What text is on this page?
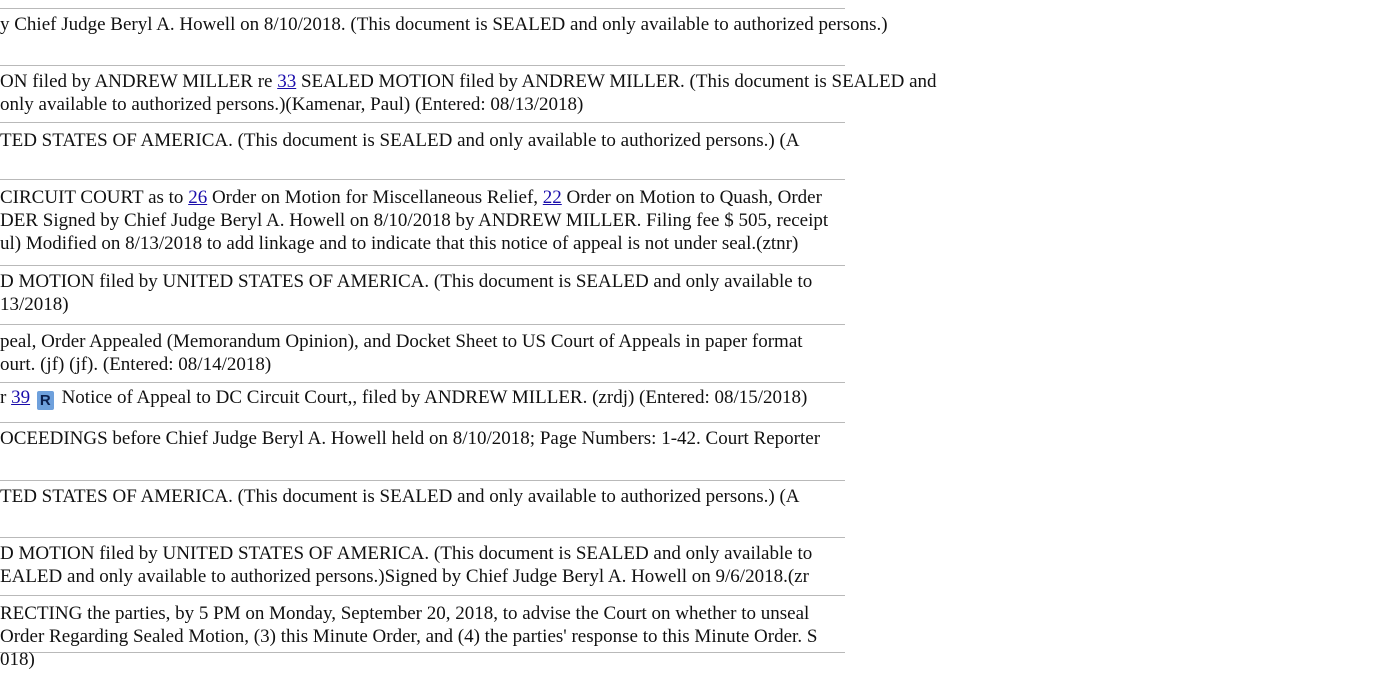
y Chief Judge Beryl A. Howell on 8/10/2018. (This document is SEALED and only available to authorized persons.)
ON filed by ANDREW MILLER re 33 SEALED MOTION filed by ANDREW MILLER. (This document is SEALED and
only available to authorized persons.)(Kamenar, Paul) (Entered: 08/13/2018)
TED STATES OF AMERICA. (This document is SEALED and only available to authorized persons.) (A
CIRCUIT COURT as to 26 Order on Motion for Miscellaneous Relief, 22 Order on Motion to Quash, Order
DER Signed by Chief Judge Beryl A. Howell on 8/10/2018 by ANDREW MILLER. Filing fee $ 505, receipt
ul) Modified on 8/13/2018 to add linkage and to indicate that this notice of appeal is not under seal.(ztnr)
D MOTION filed by UNITED STATES OF AMERICA. (This document is SEALED and only available to
13/2018)
peal, Order Appealed (Memorandum Opinion), and Docket Sheet to US Court of Appeals in paper format
ourt. (jf) (jf). (Entered: 08/14/2018)
r 39 R Notice of Appeal to DC Circuit Court,, filed by ANDREW MILLER. (zrdj) (Entered: 08/15/2018)
OCEEDINGS before Chief Judge Beryl A. Howell held on 8/10/2018; Page Numbers: 1-42. Court Reporter
TED STATES OF AMERICA. (This document is SEALED and only available to authorized persons.) (A
D MOTION filed by UNITED STATES OF AMERICA. (This document is SEALED and only available to
EALED and only available to authorized persons.)Signed by Chief Judge Beryl A. Howell on 9/6/2018.(zr
RECTING the parties, by 5 PM on Monday, September 20, 2018, to advise the Court on whether to unseal
Order Regarding Sealed Motion, (3) this Minute Order, and (4) the parties' response to this Minute Order. S
018)
